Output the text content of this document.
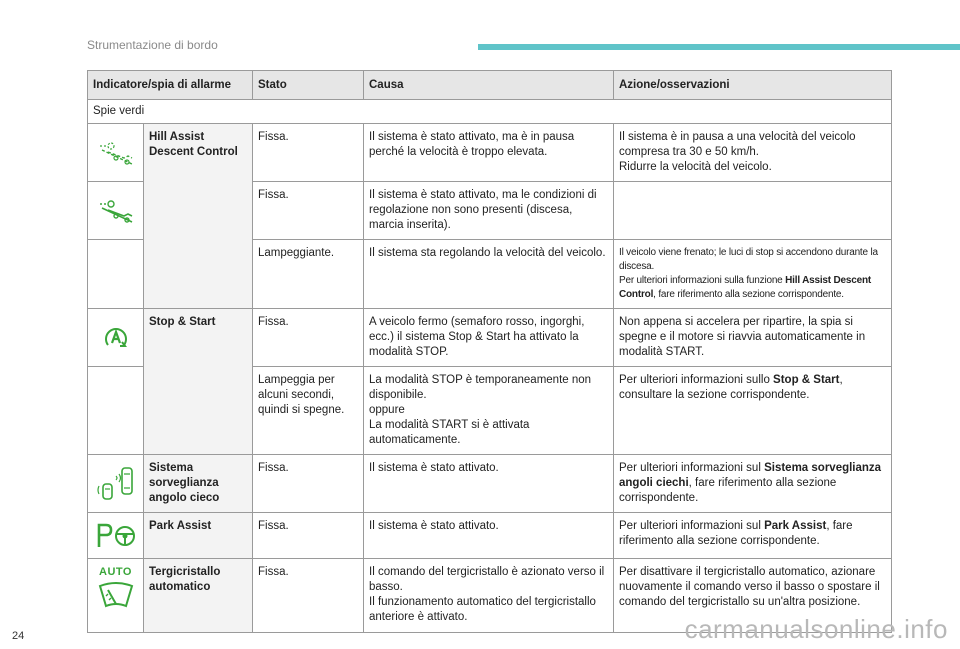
Strumentazione di bordo
Indicatore/spia di allarme		Stato	Causa	Azione/osservazioni
Spie verdi				

	Hill Assist Descent Control	Fissa.	Il sistema è stato attivato, ma è in pausa perché la velocità è troppo elevata.	Il sistema è in pausa a una velocità del veicolo compresa tra 30 e 50 km/h.
Ridurre la velocità del veicolo.

	Fissa.	Il sistema è stato attivato, ma le condizioni di regolazione non sono presenti (discesa, marcia inserita).	
		Lampeggiante.	Il sistema sta regolando la velocità del veicolo.	Il veicolo viene frenato; le luci di stop si accendono durante la discesa.
Per ulteriori informazioni sulla funzione Hill Assist Descent Control, fare riferimento alla sezione corrispondente.

	Stop & Start	Fissa.	A veicolo fermo (semaforo rosso, ingorghi, ecc.) il sistema Stop & Start ha attivato la modalità STOP.	Non appena si accelera per ripartire, la spia si spegne e il motore si riavvia automaticamente in modalità START.
		Lampeggia per alcuni secondi, quindi si spegne.	La modalità STOP è temporaneamente non disponibile.
oppure
La modalità START si è attivata automaticamente.	Per ulteriori informazioni sullo Stop & Start, consultare la sezione corrispondente.

	Sistema sorveglianza angolo cieco	Fissa.	Il sistema è stato attivato.	Per ulteriori informazioni sul Sistema sorveglianza angoli ciechi, fare riferimento alla sezione corrispondente.

	Park Assist	Fissa.	Il sistema è stato attivato.	Per ulteriori informazioni sul Park Assist, fare riferimento alla sezione corrispondente.

AUTO	Tergicristallo automatico	Fissa.	Il comando del tergicristallo è azionato verso il basso.
Il funzionamento automatico del tergicristallo anteriore è attivato.	Per disattivare il tergicristallo automatico, azionare nuovamente il comando verso il basso o spostare il comando del tergicristallo su un'altra posizione.
24	carmanualsonline.info
